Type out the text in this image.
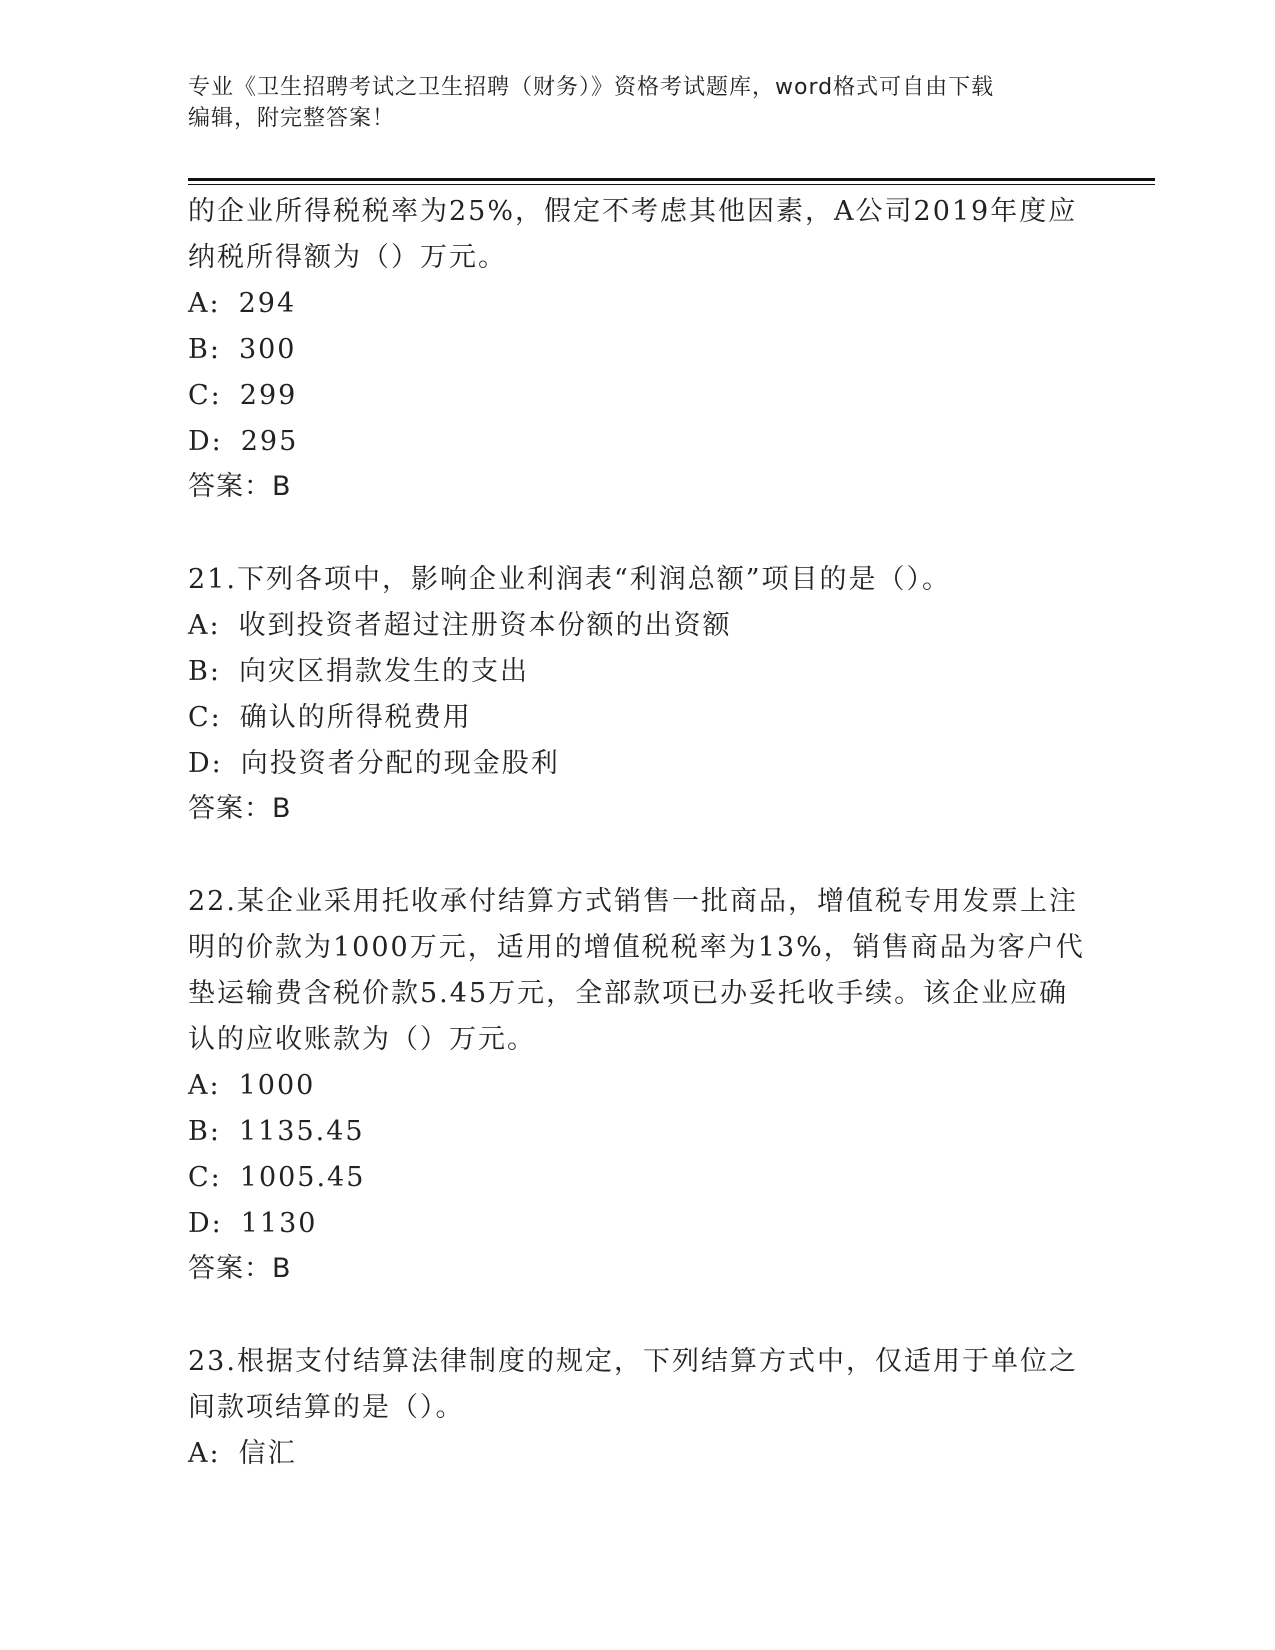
专业《卫生招聘考试之卫生招聘（财务）》资格考试题库，word格式可自由下载
编辑，附完整答案！
的企业所得税税率为25%，假定不考虑其他因素，A公司2019年度应
纳税所得额为（）万元。
A: 294
B: 300
C: 299
D: 295
答案：B
21.下列各项中，影响企业利润表“利润总额”项目的是（）。
A: 收到投资者超过注册资本份额的出资额
B: 向灾区捐款发生的支出
C: 确认的所得税费用
D: 向投资者分配的现金股利
答案：B
22.某企业采用托收承付结算方式销售一批商品，增值税专用发票上注
明的价款为1000万元，适用的增值税税率为13%，销售商品为客户代
垫运输费含税价款5.45万元，全部款项已办妥托收手续。该企业应确
认的应收账款为（）万元。
A: 1000
B: 1135.45
C: 1005.45
D: 1130
答案：B
23.根据支付结算法律制度的规定，下列结算方式中，仅适用于单位之
间款项结算的是（）。
A: 信汇
